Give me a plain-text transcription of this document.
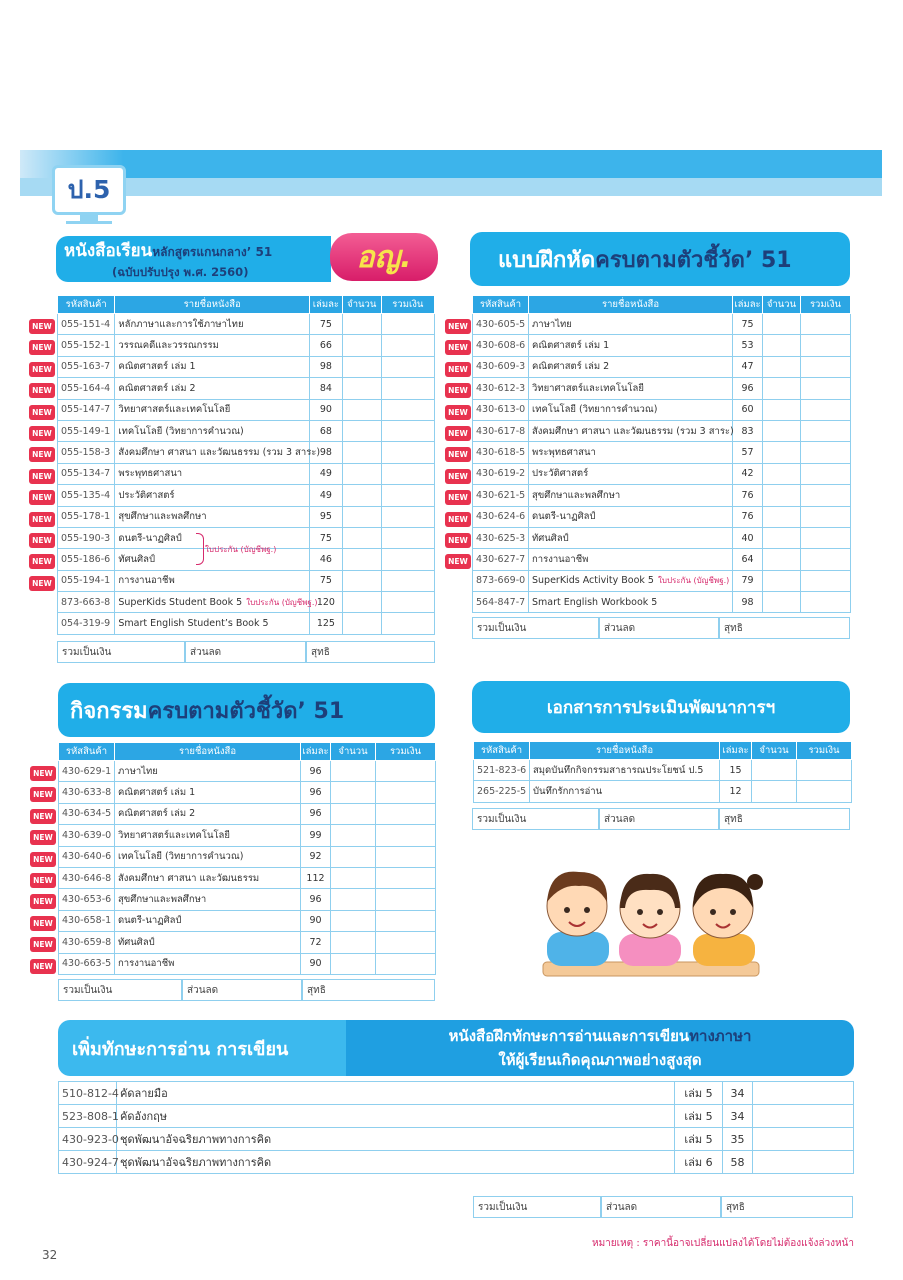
ป.5
หนังสือเรียน หลักสูตรแกนกลาง’ 51
(ฉบับปรับปรุง พ.ศ. 2560)	อญ.
รหัสสินค้า	รายชื่อหนังสือ	เล่มละ	จำนวน	รวมเงิน
055-151-4	หลักภาษาและการใช้ภาษาไทย	75		
055-152-1	วรรณคดีและวรรณกรรม	66		
055-163-7	คณิตศาสตร์ เล่ม 1	98		
055-164-4	คณิตศาสตร์ เล่ม 2	84		
055-147-7	วิทยาศาสตร์และเทคโนโลยี	90		
055-149-1	เทคโนโลยี (วิทยาการคำนวณ)	68		
055-158-3	สังคมศึกษา ศาสนา และวัฒนธรรม (รวม 3 สาระ)	98		
055-134-7	พระพุทธศาสนา	49		
055-135-4	ประวัติศาสตร์	49		
055-178-1	สุขศึกษาและพลศึกษา	95		
055-190-3	ดนตรี-นาฏศิลป์	75		
055-186-6	ทัศนศิลป์	46		
055-194-1	การงานอาชีพ	75		
873-663-8	SuperKids Student Book 5 ใบประกัน (บัญชีพฐ.)	120		
054-319-9	Smart English Student’s Book 5	125		
รวมเป็นเงิน	ส่วนลด	สุทธิ
ใบประกัน (บัญชีพฐ.)
แบบฝึกหัด ครบตามตัวชี้วัด’ 51
รหัสสินค้า	รายชื่อหนังสือ	เล่มละ	จำนวน	รวมเงิน
430-605-5	ภาษาไทย	75		
430-608-6	คณิตศาสตร์ เล่ม 1	53		
430-609-3	คณิตศาสตร์ เล่ม 2	47		
430-612-3	วิทยาศาสตร์และเทคโนโลยี	96		
430-613-0	เทคโนโลยี (วิทยาการคำนวณ)	60		
430-617-8	สังคมศึกษา ศาสนา และวัฒนธรรม (รวม 3 สาระ)	83		
430-618-5	พระพุทธศาสนา	57		
430-619-2	ประวัติศาสตร์	42		
430-621-5	สุขศึกษาและพลศึกษา	76		
430-624-6	ดนตรี-นาฏศิลป์	76		
430-625-3	ทัศนศิลป์	40		
430-627-7	การงานอาชีพ	64		
873-669-0	SuperKids Activity Book 5 ใบประกัน (บัญชีพฐ.)	79		
564-847-7	Smart English Workbook 5	98		
รวมเป็นเงิน	ส่วนลด	สุทธิ
กิจกรรม ครบตามตัวชี้วัด’ 51
รหัสสินค้า	รายชื่อหนังสือ	เล่มละ	จำนวน	รวมเงิน
430-629-1	ภาษาไทย	96		
430-633-8	คณิตศาสตร์ เล่ม 1	96		
430-634-5	คณิตศาสตร์ เล่ม 2	96		
430-639-0	วิทยาศาสตร์และเทคโนโลยี	99		
430-640-6	เทคโนโลยี (วิทยาการคำนวณ)	92		
430-646-8	สังคมศึกษา ศาสนา และวัฒนธรรม	112		
430-653-6	สุขศึกษาและพลศึกษา	96		
430-658-1	ดนตรี-นาฏศิลป์	90		
430-659-8	ทัศนศิลป์	72		
430-663-5	การงานอาชีพ	90		
รวมเป็นเงิน	ส่วนลด	สุทธิ
เอกสารการประเมินพัฒนาการฯ
รหัสสินค้า	รายชื่อหนังสือ	เล่มละ	จำนวน	รวมเงิน
521-823-6	สมุดบันทึกกิจกรรมสาธารณประโยชน์ ป.5	15		
265-225-5	บันทึกรักการอ่าน	12		
รวมเป็นเงิน	ส่วนลด	สุทธิ
เพิ่มทักษะการอ่าน การเขียน
หนังสือฝึกทักษะการอ่านและการเขียน ทางภาษา
ให้ผู้เรียนเกิดคุณภาพอย่างสูงสุด
510-812-4	คัดลายมือ	เล่ม 5	34	
523-808-1	คัดอังกฤษ	เล่ม 5	34	
430-923-0	ชุดพัฒนาอัจฉริยภาพทางการคิด	เล่ม 5	35	
430-924-7	ชุดพัฒนาอัจฉริยภาพทางการคิด	เล่ม 6	58	
รวมเป็นเงิน	ส่วนลด	สุทธิ
หมายเหตุ : ราคานี้อาจเปลี่ยนแปลงได้โดยไม่ต้องแจ้งล่วงหน้า
32
NEW
NEW
NEW
NEW
NEW
NEW
NEW
NEW
NEW
NEW
NEW
NEW
NEW
NEW
NEW
NEW
NEW
NEW
NEW
NEW
NEW
NEW
NEW
NEW
NEW
NEW
NEW
NEW
NEW
NEW
NEW
NEW
NEW
NEW
NEW
